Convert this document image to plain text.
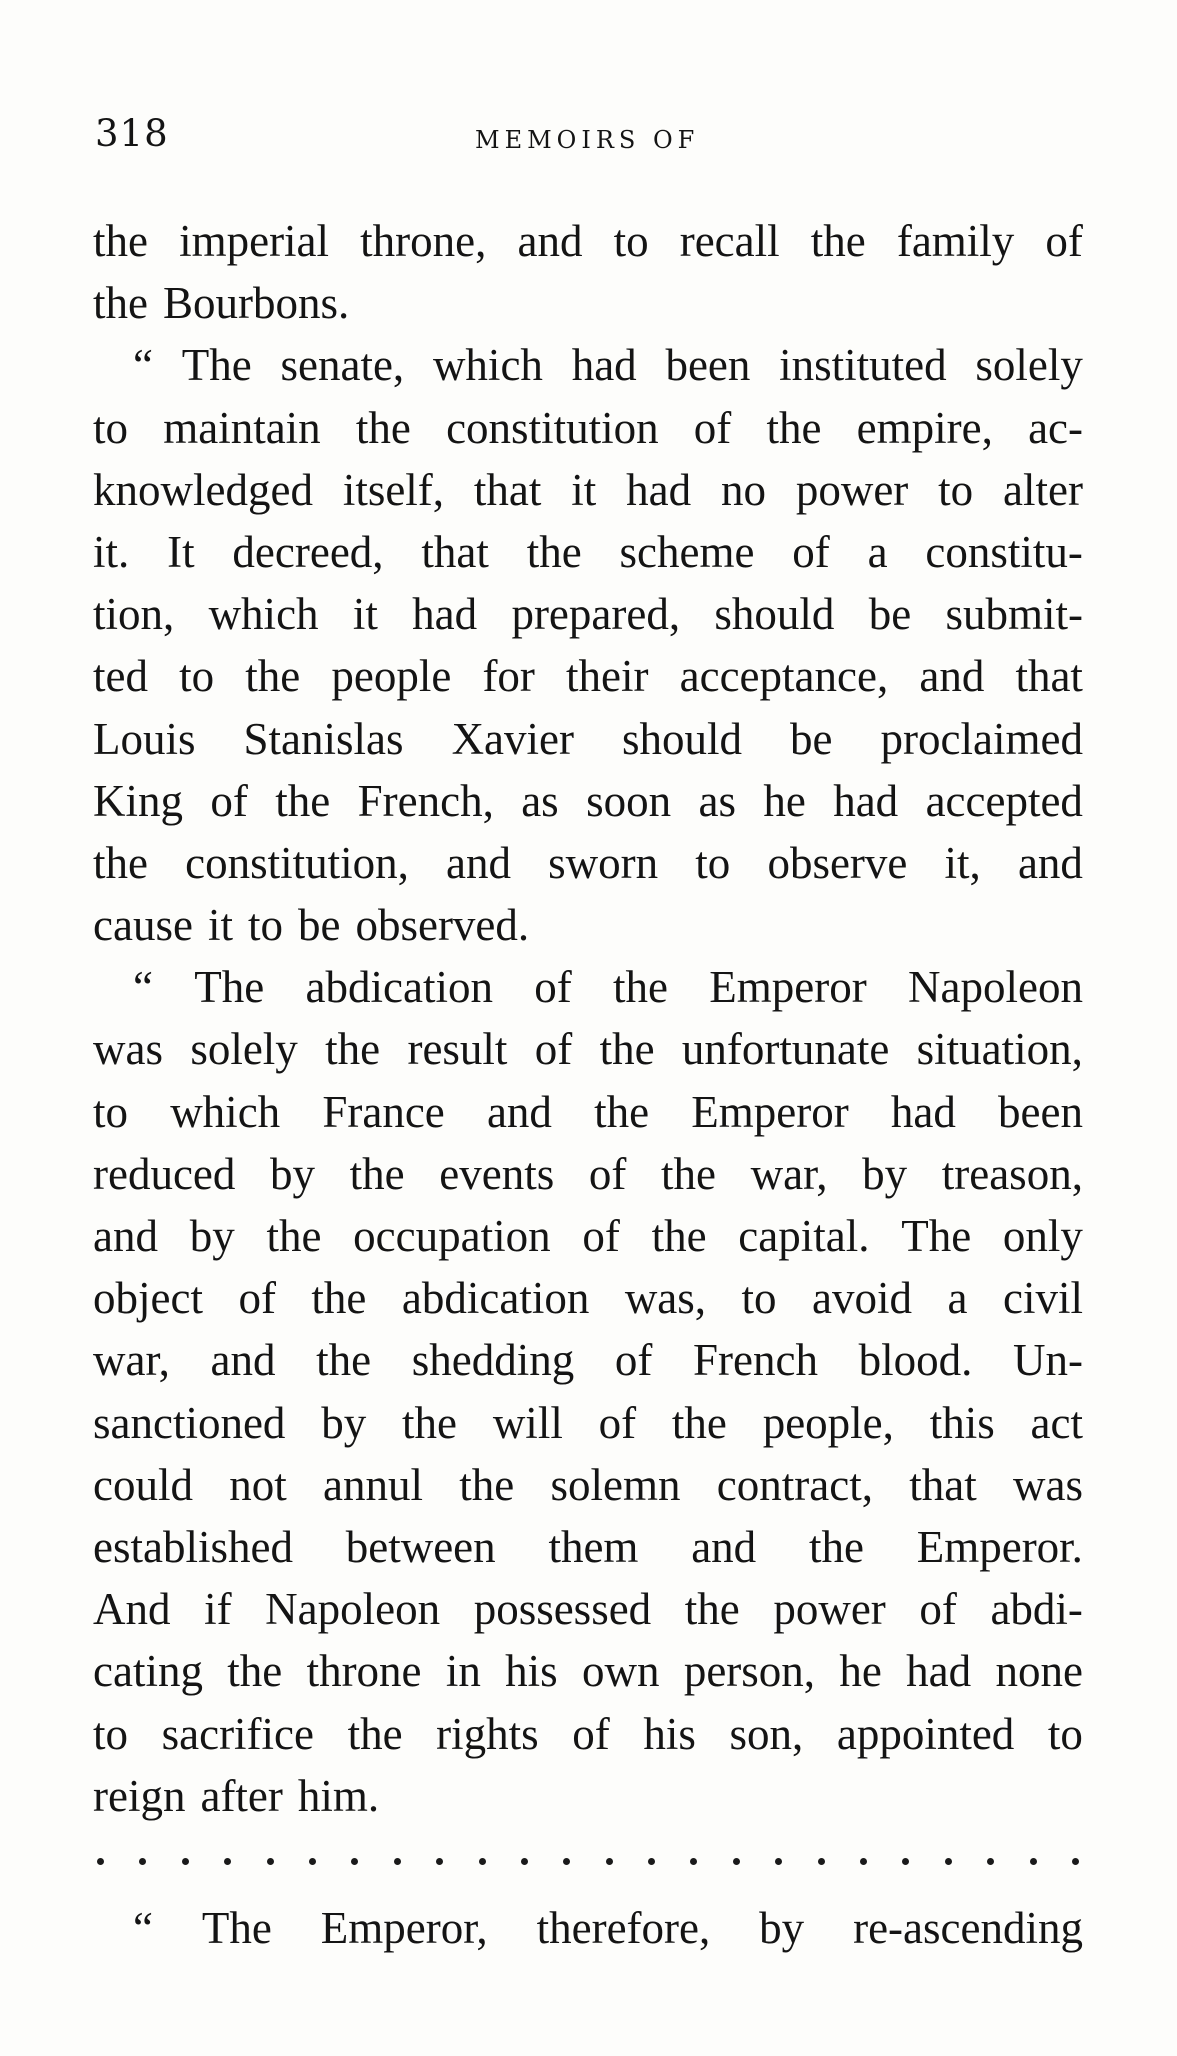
318	MEMOIRS OF
the imperial throne, and to recall the family of
the Bourbons.
“ The senate, which had been instituted solely
to maintain the constitution of the empire, ac-
knowledged itself, that it had no power to alter
it. It decreed, that the scheme of a constitu-
tion, which it had prepared, should be submit-
ted to the people for their acceptance, and that
Louis Stanislas Xavier should be proclaimed
King of the French, as soon as he had accepted
the constitution, and sworn to observe it, and
cause it to be observed.
“ The abdication of the Emperor Napoleon
was solely the result of the unfortunate situation,
to which France and the Emperor had been
reduced by the events of the war, by treason,
and by the occupation of the capital. The only
object of the abdication was, to avoid a civil
war, and the shedding of French blood. Un-
sanctioned by the will of the people, this act
could not annul the solemn contract, that was
established between them and the Emperor.
And if Napoleon possessed the power of abdi-
cating the throne in his own person, he had none
to sacrifice the rights of his son, appointed to
reign after him.
“ The Emperor, therefore, by re-ascending
